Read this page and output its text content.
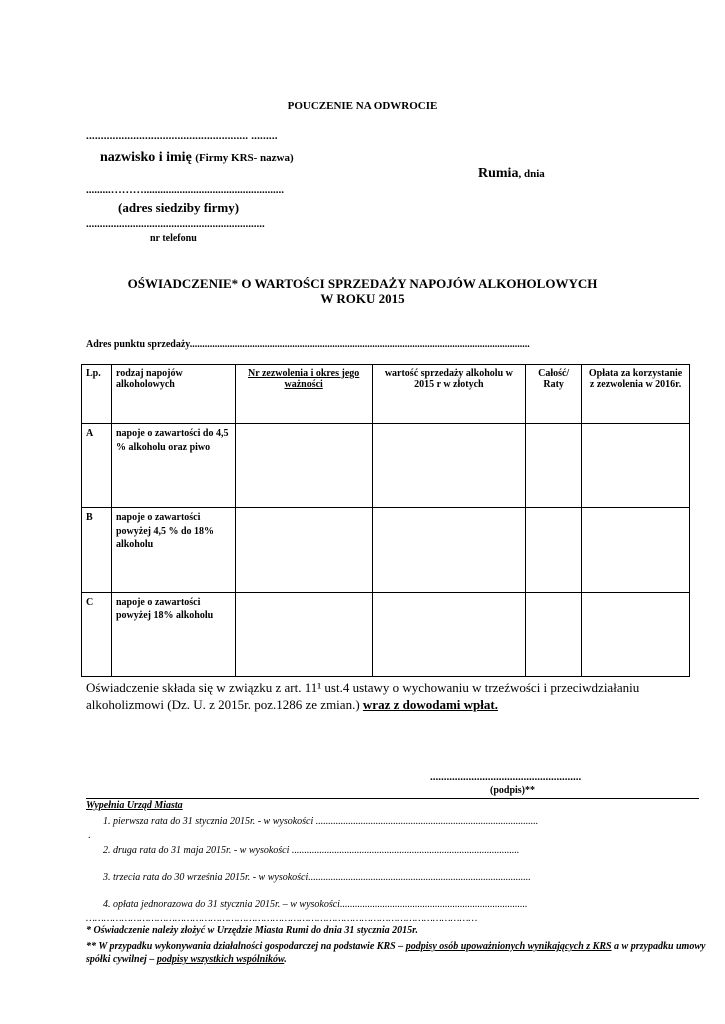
POUCZENIE NA ODWROCIE
....................................................... .........
nazwisko i imię (Firmy KRS- nazwa)
Rumia, dnia
.........………...................................................
(adres siedziby firmy)
.................................................................
nr telefonu
OŚWIADCZENIE* O WARTOŚCI SPRZEDAŻY NAPOJÓW ALKOHOLOWYCH
W ROKU 2015
Adres punktu sprzedaży........................................................................................................................................
Lp.	rodzaj napojów alkoholowych	Nr zezwolenia i okres jego ważności	wartość sprzedaży alkoholu w 2015 r w złotych	Całość/ Raty	Opłata za korzystanie z zezwolenia w 2016r.
A	napoje o zawartości do 4,5 % alkoholu oraz piwo				
B	napoje o zawartości powyżej 4,5 % do 18% alkoholu				
C	napoje o zawartości powyżej 18% alkoholu				
Oświadczenie składa się w związku z art. 11¹ ust.4 ustawy o wychowaniu w trzeźwości i przeciwdziałaniu alkoholizmowi (Dz. U. z 2015r. poz.1286 ze zmian.) wraz z dowodami wpłat.
.......................................................
(podpis)**
Wypełnia Urząd Miasta
1. pierwsza rata do 31 stycznia 2015r. - w wysokości .........................................................................................
.
2. druga rata do 31 maja 2015r. - w wysokości ...........................................................................................
3. trzecia rata do 30 września 2015r. - w wysokości.........................................................................................
4. opłata jednorazowa do 31 stycznia 2015r. – w wysokości...........................................................................
……………………………………………………………………………………………………………………
* Oświadczenie należy złożyć w Urzędzie Miasta Rumi do dnia 31 stycznia 2015r.
** W przypadku wykonywania działalności gospodarczej na podstawie KRS – podpisy osób upoważnionych wynikających z KRS a w przypadku umowy spółki cywilnej – podpisy wszystkich wspólników.
